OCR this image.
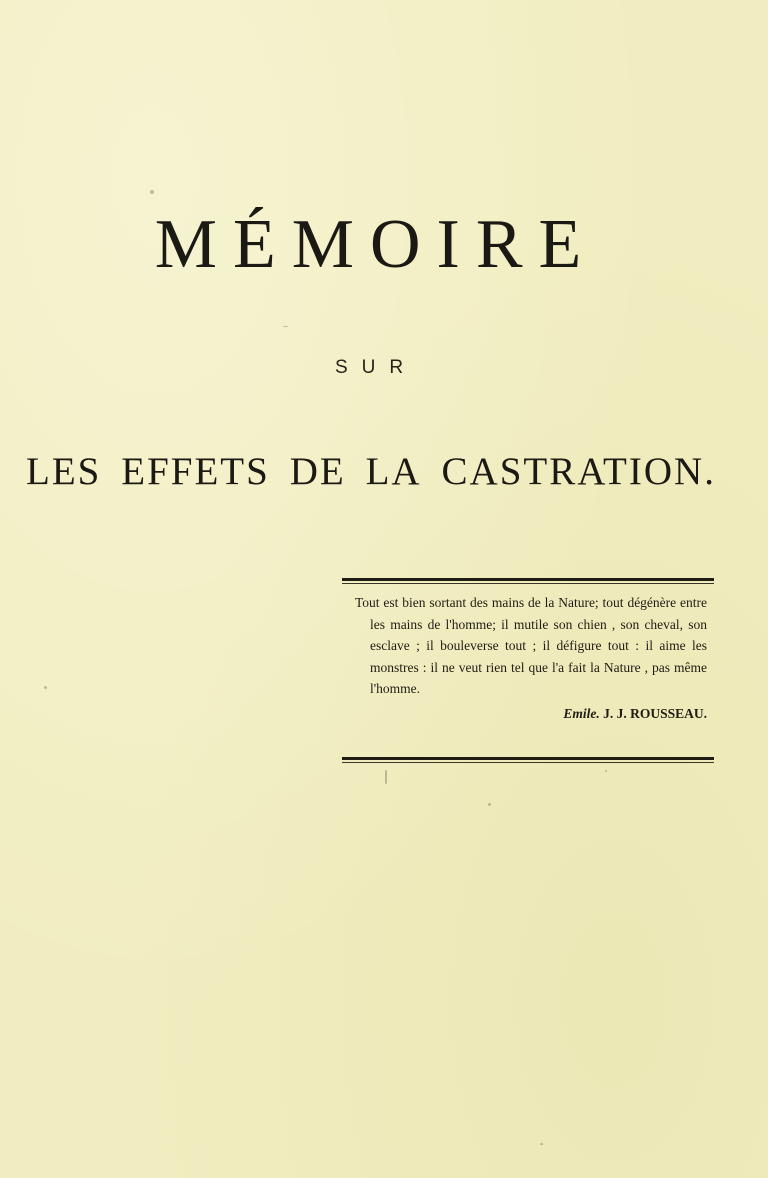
MÉMOIRE
SUR
LES EFFETS DE LA CASTRATION.

Tout est bien sortant des mains de la Nature; tout dégénère entre les mains de l'homme; il mutile son chien , son cheval, son esclave ; il bouleverse tout ; il défigure tout : il aime les monstres : il ne veut rien tel que l'a fait la Nature , pas même l'homme.

Emile. J. J. ROUSSEAU.
